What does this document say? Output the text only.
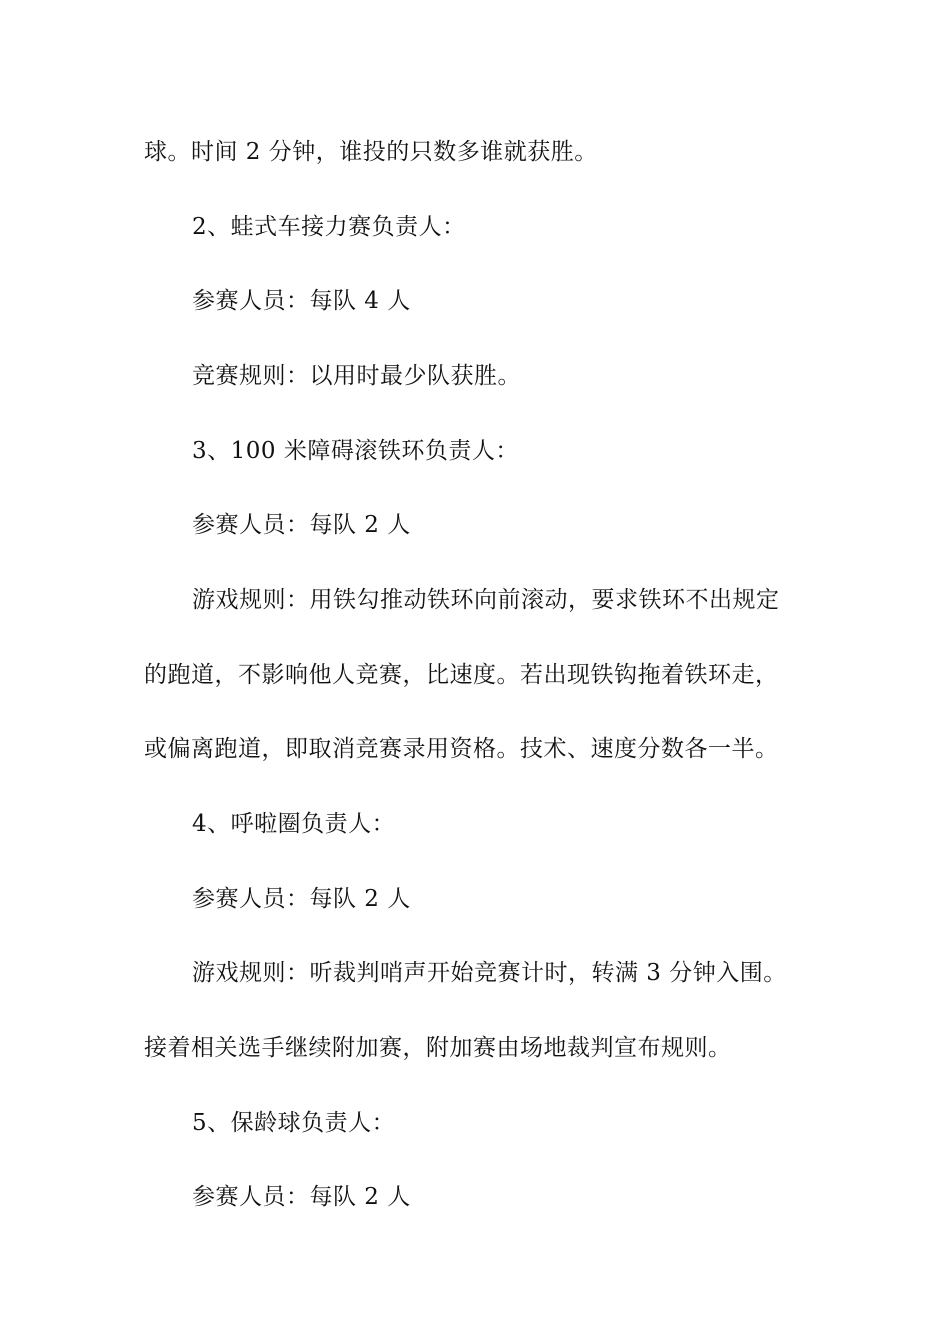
球。时间 2 分钟，谁投的只数多谁就获胜。
2、蛙式车接力赛负责人：
参赛人员：每队 4 人
竞赛规则：以用时最少队获胜。
3、100 米障碍滚铁环负责人：
参赛人员：每队 2 人
游戏规则：用铁勾推动铁环向前滚动，要求铁环不出规定
的跑道，不影响他人竞赛，比速度。若出现铁钩拖着铁环走，
或偏离跑道，即取消竞赛录用资格。技术、速度分数各一半。
4、呼啦圈负责人：
参赛人员：每队 2 人
游戏规则：听裁判哨声开始竞赛计时，转满 3 分钟入围。
接着相关选手继续附加赛，附加赛由场地裁判宣布规则。
5、保龄球负责人：
参赛人员：每队 2 人
